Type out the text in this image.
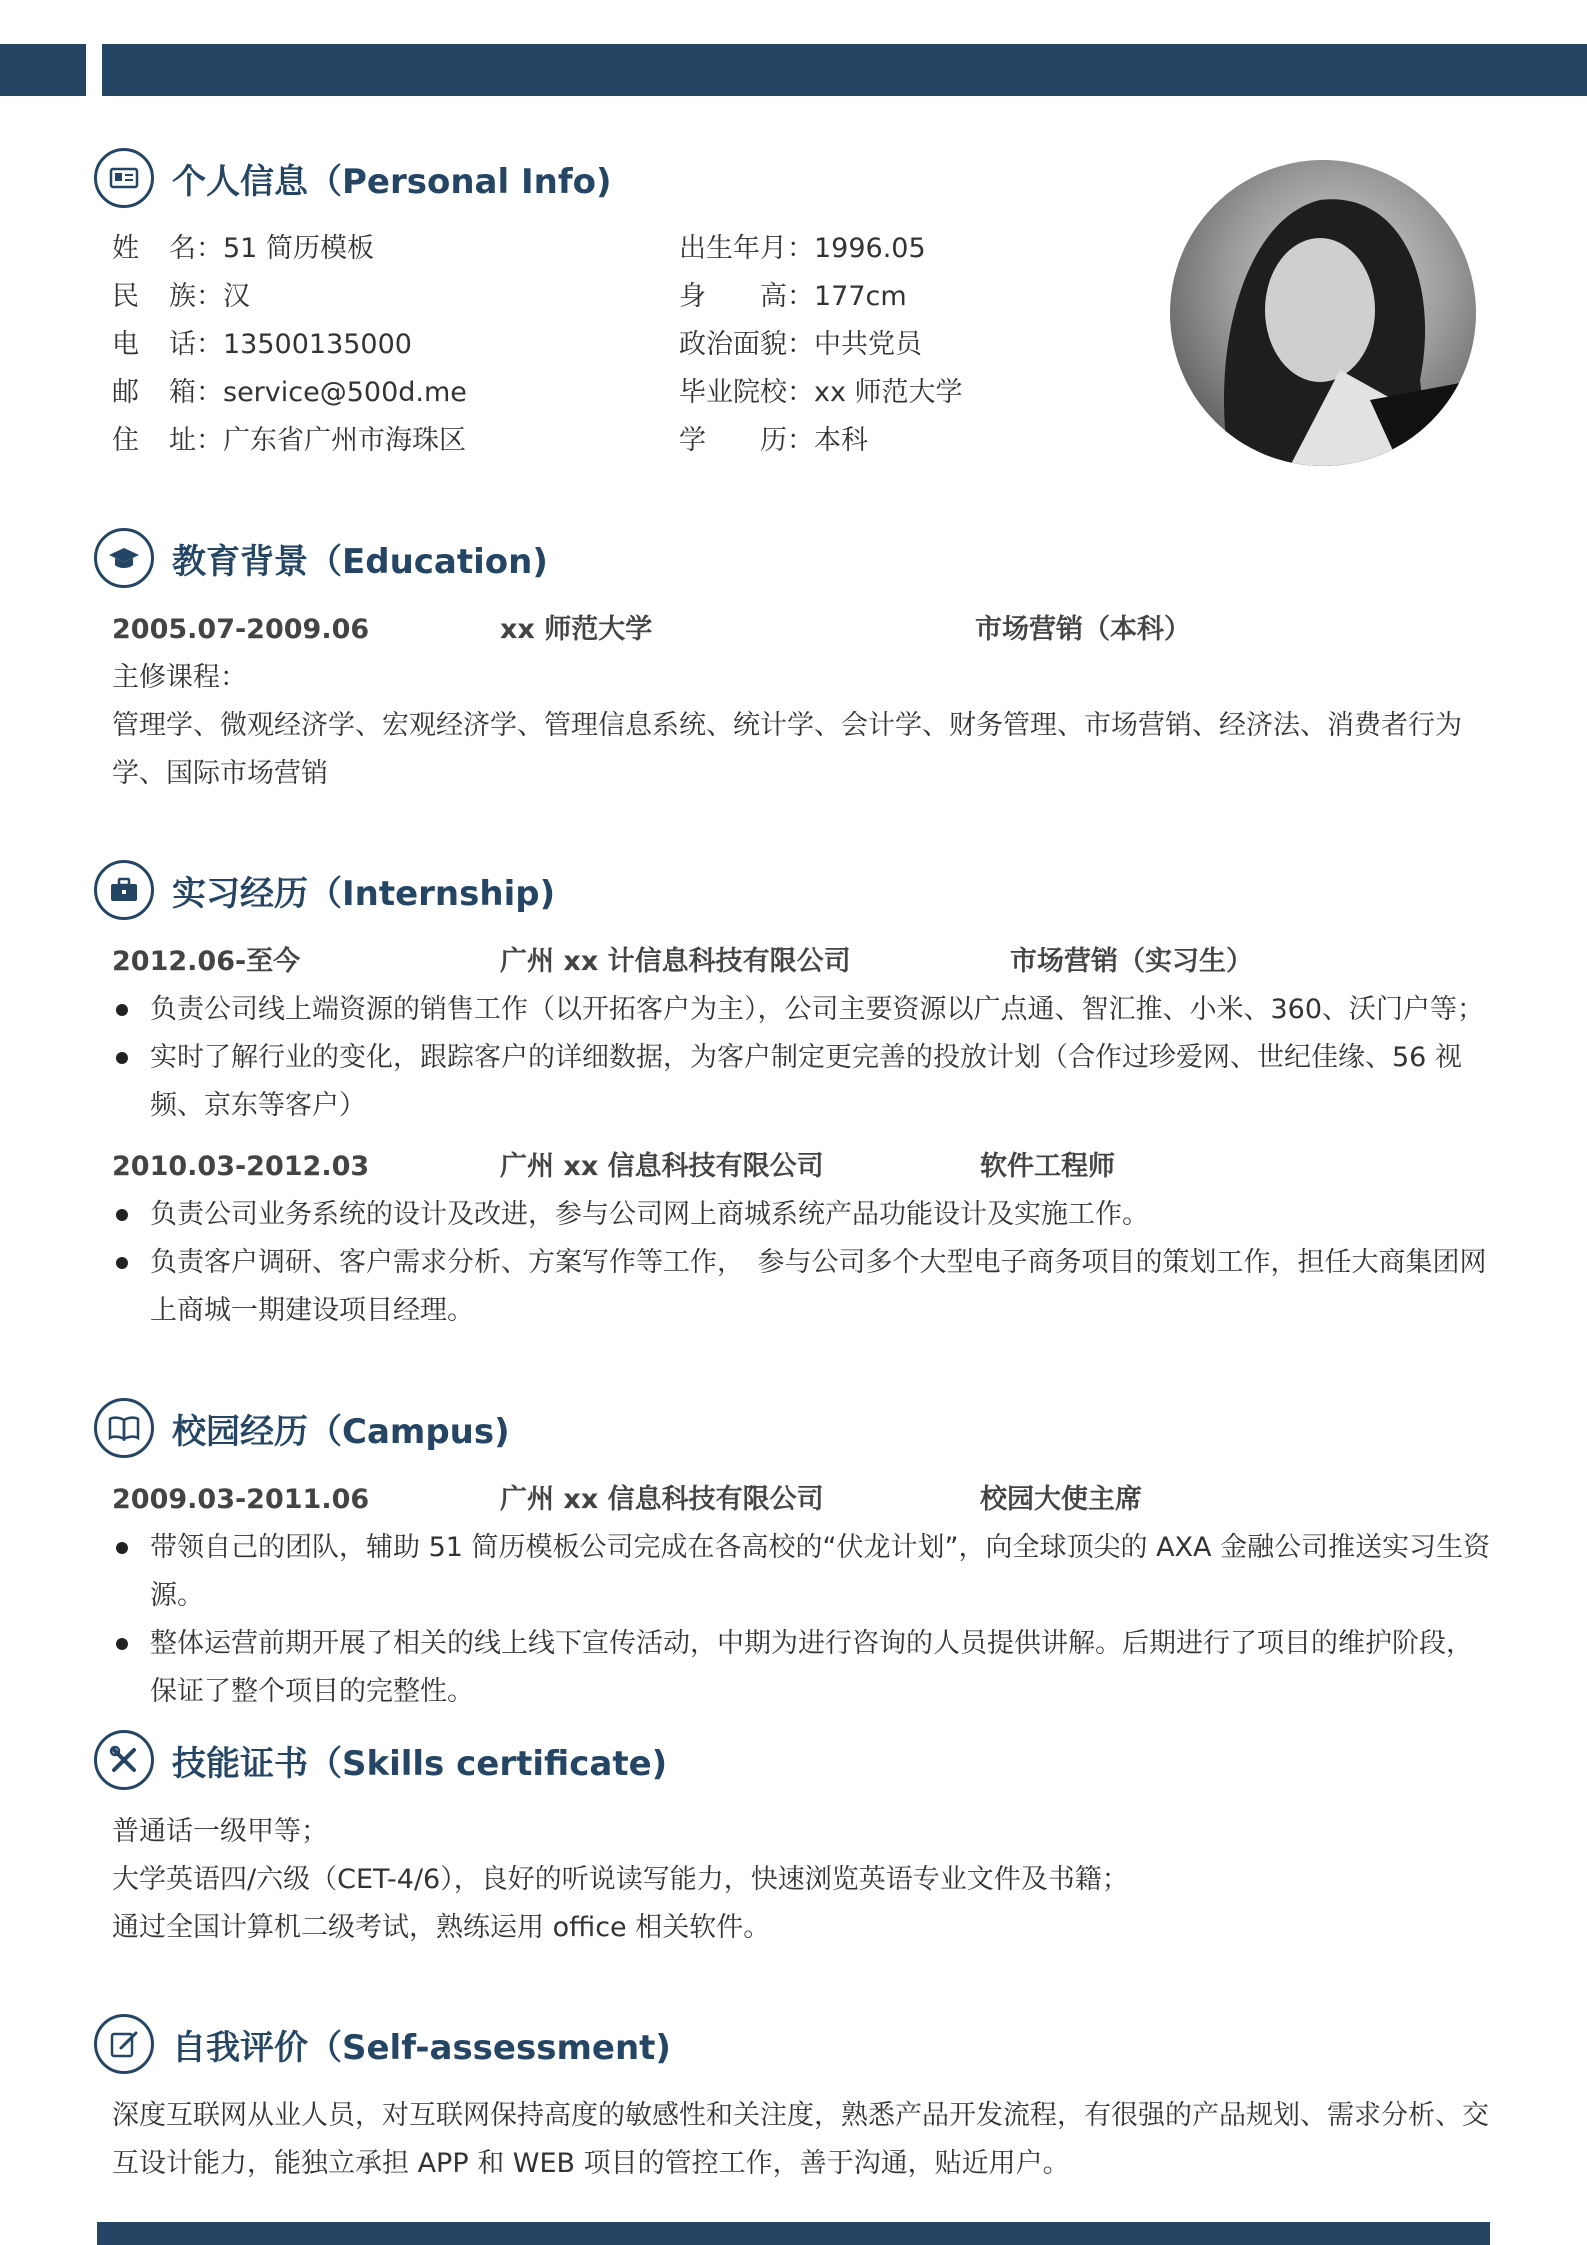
个人信息（Personal Info)
姓 名 ：51 简历模板
民 族 ：汉
电 话 ：13500135000
邮 箱 ：service@500d.me
住 址 ：广东省广州市海珠区
出生年月：1996.05
身　　高：177cm
政治面貌：中共党员
毕业院校：xx 师范大学
学　　历：本科
教育背景（Education)
2005.07-2009.06	xx 师范大学	市场营销（本科）
主修课程：
管理学、微观经济学、宏观经济学、管理信息系统、统计学、会计学、财务管理、市场营销、经济法、消费者行为学、国际市场营销
实习经历（Internship)
2012.06-至今	广州 xx 计信息科技有限公司	市场营销（实习生）
负责公司线上端资源的销售工作（以开拓客户为主），公司主要资源以广点通、智汇推、小米、360、沃门户等；
实时了解行业的变化，跟踪客户的详细数据，为客户制定更完善的投放计划（合作过珍爱网、世纪佳缘、56 视频、京东等客户）
2010.03-2012.03	广州 xx 信息科技有限公司	软件工程师
负责公司业务系统的设计及改进，参与公司网上商城系统产品功能设计及实施工作。
负责客户调研、客户需求分析、方案写作等工作，　参与公司多个大型电子商务项目的策划工作，担任大商集团网上商城一期建设项目经理。
校园经历（Campus)
2009.03-2011.06	广州 xx 信息科技有限公司	校园大使主席
带领自己的团队，辅助 51 简历模板公司完成在各高校的“伏龙计划”，向全球顶尖的 AXA 金融公司推送实习生资源。
整体运营前期开展了相关的线上线下宣传活动，中期为进行咨询的人员提供讲解。后期进行了项目的维护阶段，保证了整个项目的完整性。
技能证书（Skills certificate)
普通话一级甲等；
大学英语四/六级（CET-4/6），良好的听说读写能力，快速浏览英语专业文件及书籍；
通过全国计算机二级考试，熟练运用 office 相关软件。
自我评价（Self-assessment)
深度互联网从业人员，对互联网保持高度的敏感性和关注度，熟悉产品开发流程，有很强的产品规划、需求分析、交互设计能力，能独立承担 APP 和 WEB 项目的管控工作，善于沟通，贴近用户。
